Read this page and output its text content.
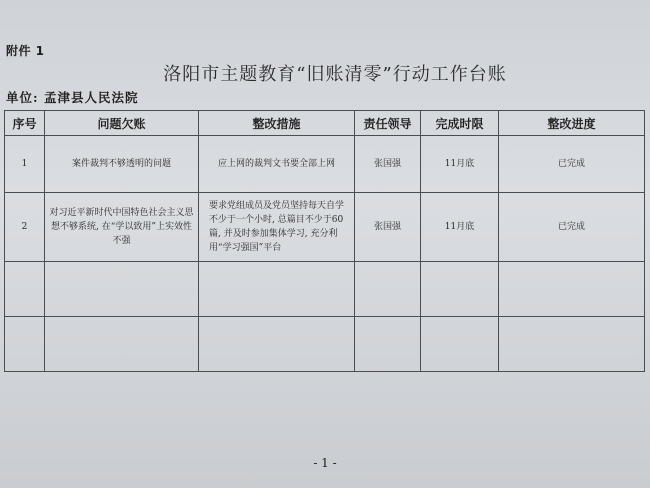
附件 1
洛阳市主题教育“旧账清零”行动工作台账
单位: 孟津县人民法院
序号	问题欠账	整改措施	责任领导	完成时限	整改进度
1	案件裁判不够透明的问题	应上网的裁判文书要全部上网	张国强	11月底	已完成
2	对习近平新时代中国特色社会主义思想不够系统, 在“学以致用”上实效性不强	要求党组成员及党员坚持每天自学不少于一个小时, 总篇目不少于60篇, 并及时参加集体学习, 充分利用“学习强国”平台	张国强	11月底	已完成

- 1 -
